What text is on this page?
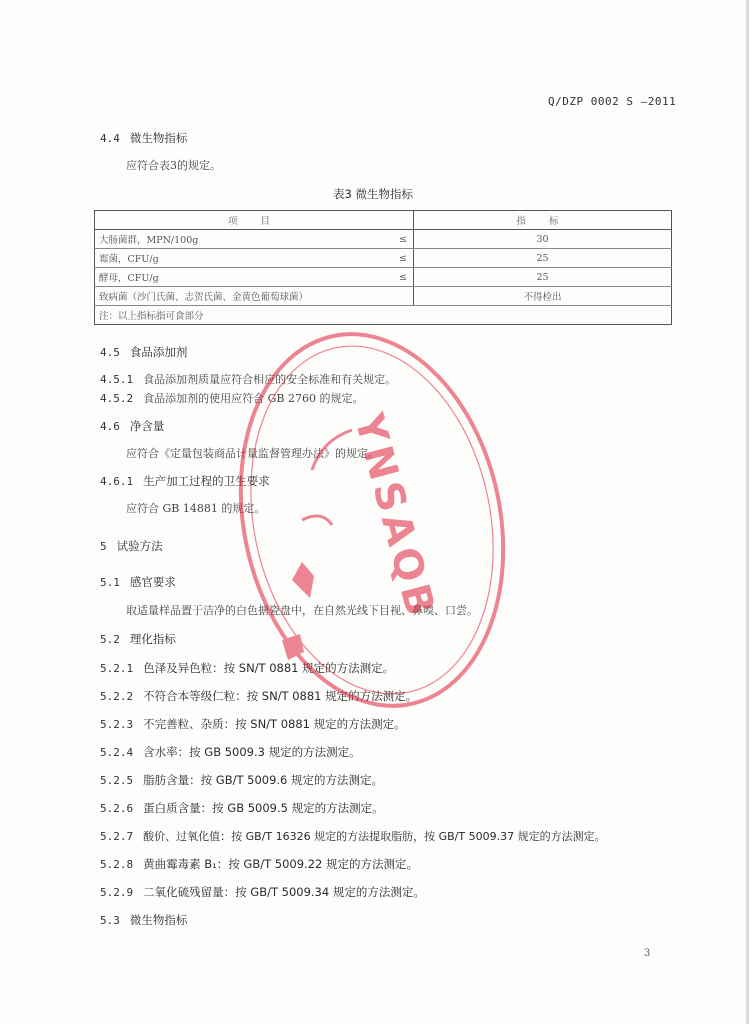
Q/DZP 0002 S —2011
4.4 微生物指标
应符合表3的规定。
表3 微生物指标
项 目		指 标
大肠菌群，MPN/100g	≤	30
霉菌，CFU/g	≤	25
酵母，CFU/g	≤	25
致病菌（沙门氏菌、志贺氏菌、金黄色葡萄球菌）		不得检出
注：以上指标指可食部分		
4.5 食品添加剂
4.5.1 食品添加剂质量应符合相应的安全标准和有关规定。
4.5.2 食品添加剂的使用应符合 GB 2760 的规定。
4.6 净含量
应符合《定量包装商品计量监督管理办法》的规定。
4.6.1 生产加工过程的卫生要求
应符合 GB 14881 的规定。
5 试验方法
5.1 感官要求
取适量样品置于洁净的白色搪瓷盘中，在自然光线下目视、鼻嗅、口尝。
5.2 理化指标
5.2.1 色泽及异色粒：按 SN/T 0881 规定的方法测定。
5.2.2 不符合本等级仁粒：按 SN/T 0881 规定的方法测定。
5.2.3 不完善粒、杂质：按 SN/T 0881 规定的方法测定。
5.2.4 含水率：按 GB 5009.3 规定的方法测定。
5.2.5 脂肪含量：按 GB/T 5009.6 规定的方法测定。
5.2.6 蛋白质含量：按 GB 5009.5 规定的方法测定。
5.2.7 酸价、过氧化值：按 GB/T 16326 规定的方法提取脂肪，按 GB/T 5009.37 规定的方法测定。
5.2.8 黄曲霉毒素 B₁：按 GB/T 5009.22 规定的方法测定。
5.2.9 二氧化硫残留量：按 GB/T 5009.34 规定的方法测定。
5.3 微生物指标
3
YNSAQB
